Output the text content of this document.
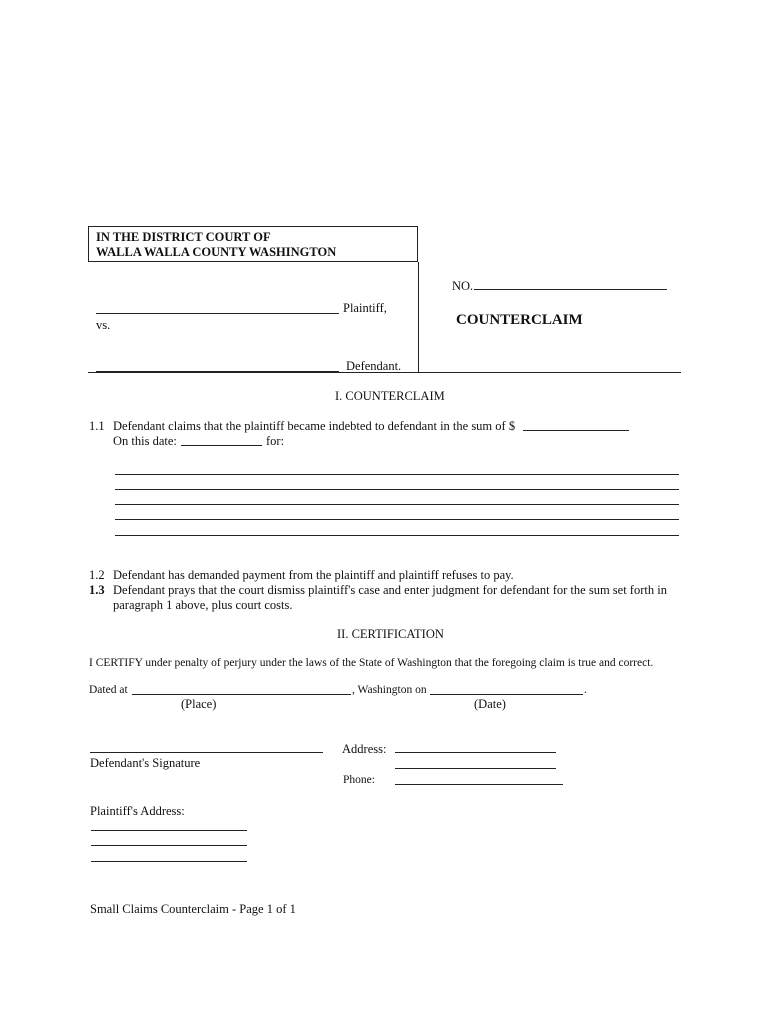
IN THE DISTRICT COURT OF
WALLA WALLA COUNTY WASHINGTON
NO.
Plaintiff,
vs.	COUNTERCLAIM
Defendant.
I. COUNTERCLAIM
1.1 Defendant claims that the plaintiff became indebted to defendant in the sum of $
On this date:	for:
1.2 Defendant has demanded payment from the plaintiff and plaintiff refuses to pay.
1.3 Defendant prays that the court dismiss plaintiff's case and enter judgment for defendant for the sum set forth in
paragraph 1 above, plus court costs.
II. CERTIFICATION
I CERTIFY under penalty of perjury under the laws of the State of Washington that the foregoing claim is true and correct.
Dated at	, Washington on	.
(Place)	(Date)
Defendant's Signature
Address:
Phone:
Plaintiff's Address:
Small Claims Counterclaim - Page 1 of 1
